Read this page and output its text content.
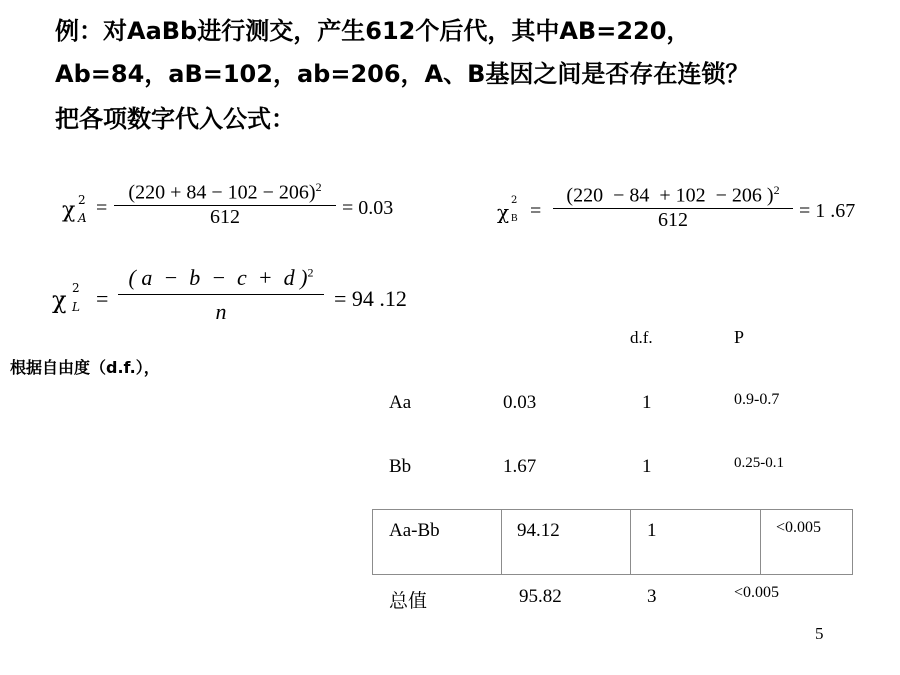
例：对AaBb进行测交，产生612个后代，其中AB=220，
Ab=84，aB=102，ab=206，A、B基因之间是否存在连锁？
把各项数字代入公式：
χ 2
A =
$(220 + 84 - 102 - 206)^2$
612	= 0.03	χ 2
B =
(220  − 84  + 102  − 206 )$^2$
612	= 1 .67
χ 2
L =
( a  −  b  −  c  +  d )$^2$
n
= 94 .12
根据自由度（d.f.），
d.f.	P
Aa	0.03	1	0.9-0.7
Bb	1.67	1	0.25-0.1
Aa-Bb	94.12	1	<0.005
总值	95.82	3	<0.005
5
